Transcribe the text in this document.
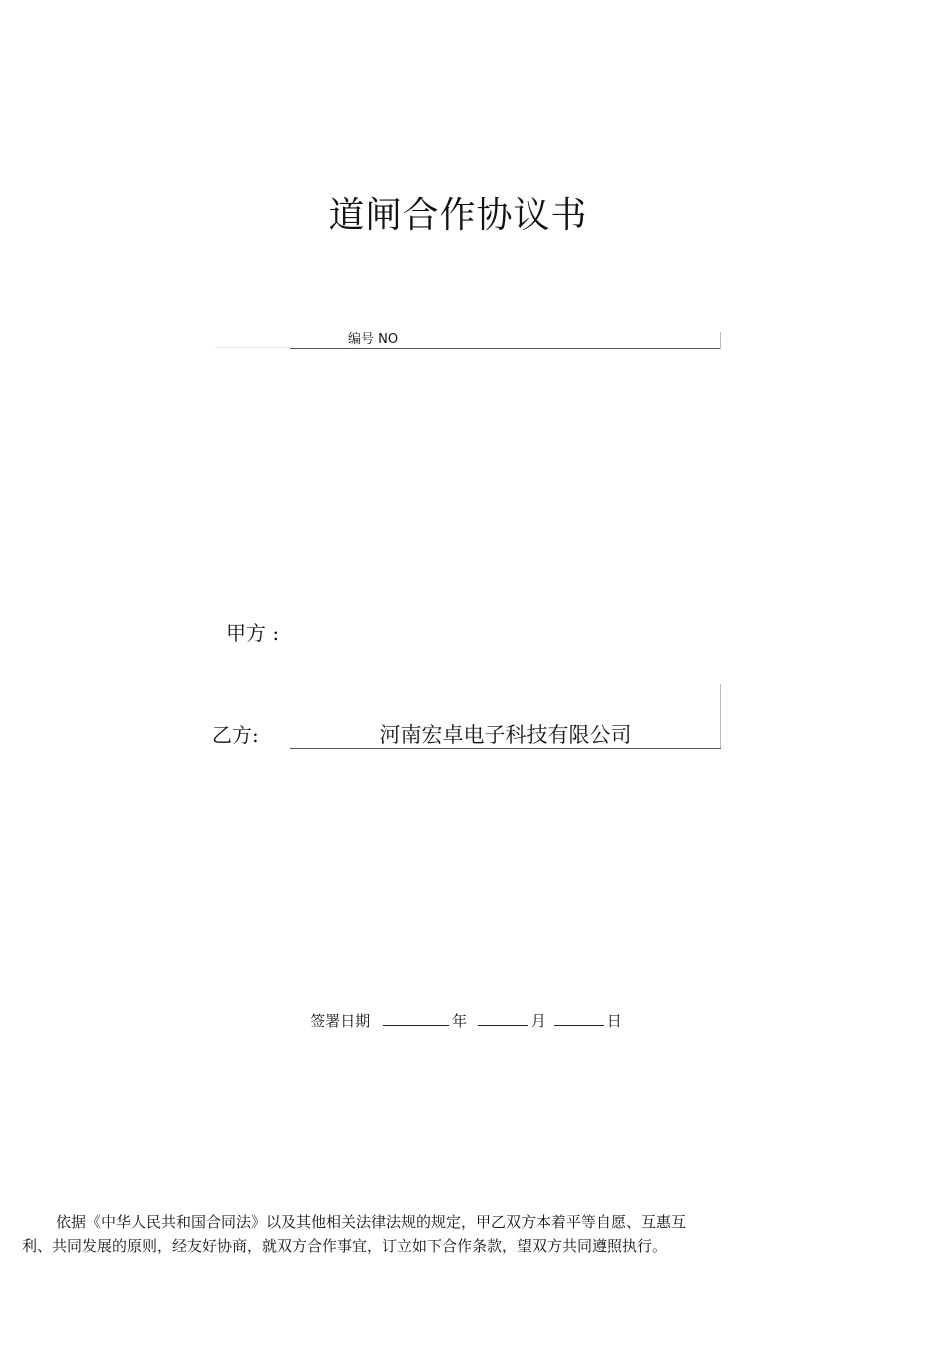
道闸合作协议书
编号 NO
甲方 :
乙方:	河南宏卓电子科技有限公司
签署日期	年	月	日
依据《中华人民共和国合同法》以及其他相关法律法规的规定，甲乙双方本着平等自愿、互惠互利、共同发展的原则，经友好协商，就双方合作事宜，订立如下合作条款，望双方共同遵照执行。
